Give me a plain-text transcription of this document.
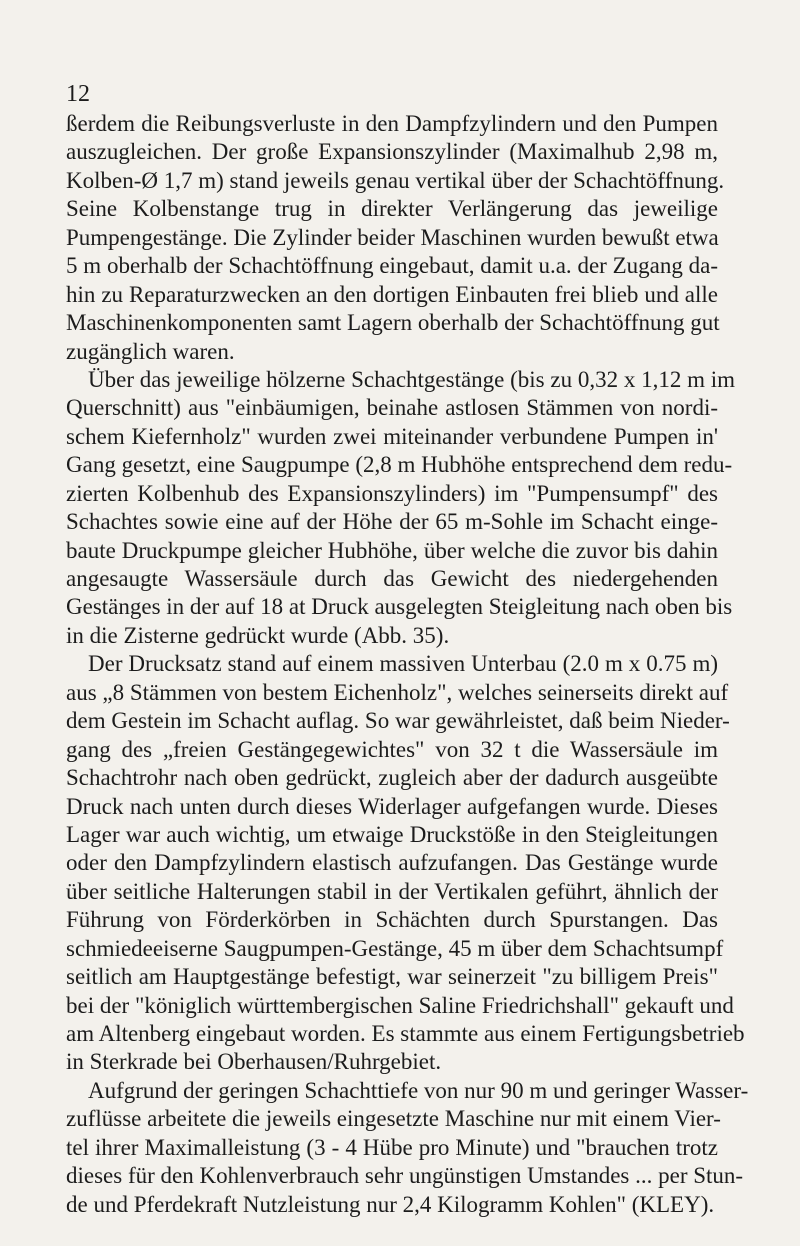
12
ßerdem die Reibungsverluste in den Dampfzylindern und den Pumpen
auszugleichen. Der große Expansionszylinder (Maximalhub 2,98 m,
Kolben-Ø 1,7 m) stand jeweils genau vertikal über der Schachtöffnung.
Seine Kolbenstange trug in direkter Verlängerung das jeweilige
Pumpengestänge. Die Zylinder beider Maschinen wurden bewußt etwa
5 m oberhalb der Schachtöffnung eingebaut, damit u.a. der Zugang da-
hin zu Reparaturzwecken an den dortigen Einbauten frei blieb und alle
Maschinenkomponenten samt Lagern oberhalb der Schachtöffnung gut
zugänglich waren.
Über das jeweilige hölzerne Schachtgestänge (bis zu 0,32 x 1,12 m im
Querschnitt) aus "einbäumigen, beinahe astlosen Stämmen von nordi-
schem Kiefernholz" wurden zwei miteinander verbundene Pumpen in'
Gang gesetzt, eine Saugpumpe (2,8 m Hubhöhe entsprechend dem redu-
zierten Kolbenhub des Expansionszylinders) im "Pumpensumpf" des
Schachtes sowie eine auf der Höhe der 65 m-Sohle im Schacht einge-
baute Druckpumpe gleicher Hubhöhe, über welche die zuvor bis dahin
angesaugte Wassersäule durch das Gewicht des niedergehenden
Gestänges in der auf 18 at Druck ausgelegten Steigleitung nach oben bis
in die Zisterne gedrückt wurde (Abb. 35).
Der Drucksatz stand auf einem massiven Unterbau (2.0 m x 0.75 m)
aus „8 Stämmen von bestem Eichenholz", welches seinerseits direkt auf
dem Gestein im Schacht auflag. So war gewährleistet, daß beim Nieder-
gang des „freien Gestängegewichtes" von 32 t die Wassersäule im
Schachtrohr nach oben gedrückt, zugleich aber der dadurch ausgeübte
Druck nach unten durch dieses Widerlager aufgefangen wurde. Dieses
Lager war auch wichtig, um etwaige Druckstöße in den Steigleitungen
oder den Dampfzylindern elastisch aufzufangen. Das Gestänge wurde
über seitliche Halterungen stabil in der Vertikalen geführt, ähnlich der
Führung von Förderkörben in Schächten durch Spurstangen. Das
schmiedeeiserne Saugpumpen-Gestänge, 45 m über dem Schachtsumpf
seitlich am Hauptgestänge befestigt, war seinerzeit "zu billigem Preis"
bei der "königlich württembergischen Saline Friedrichshall" gekauft und
am Altenberg eingebaut worden. Es stammte aus einem Fertigungsbetrieb
in Sterkrade bei Oberhausen/Ruhrgebiet.
Aufgrund der geringen Schachttiefe von nur 90 m und geringer Wasser-
zuflüsse arbeitete die jeweils eingesetzte Maschine nur mit einem Vier-
tel ihrer Maximalleistung (3 - 4 Hübe pro Minute) und "brauchen trotz
dieses für den Kohlenverbrauch sehr ungünstigen Umstandes ... per Stun-
de und Pferdekraft Nutzleistung nur 2,4 Kilogramm Kohlen" (KLEY).
